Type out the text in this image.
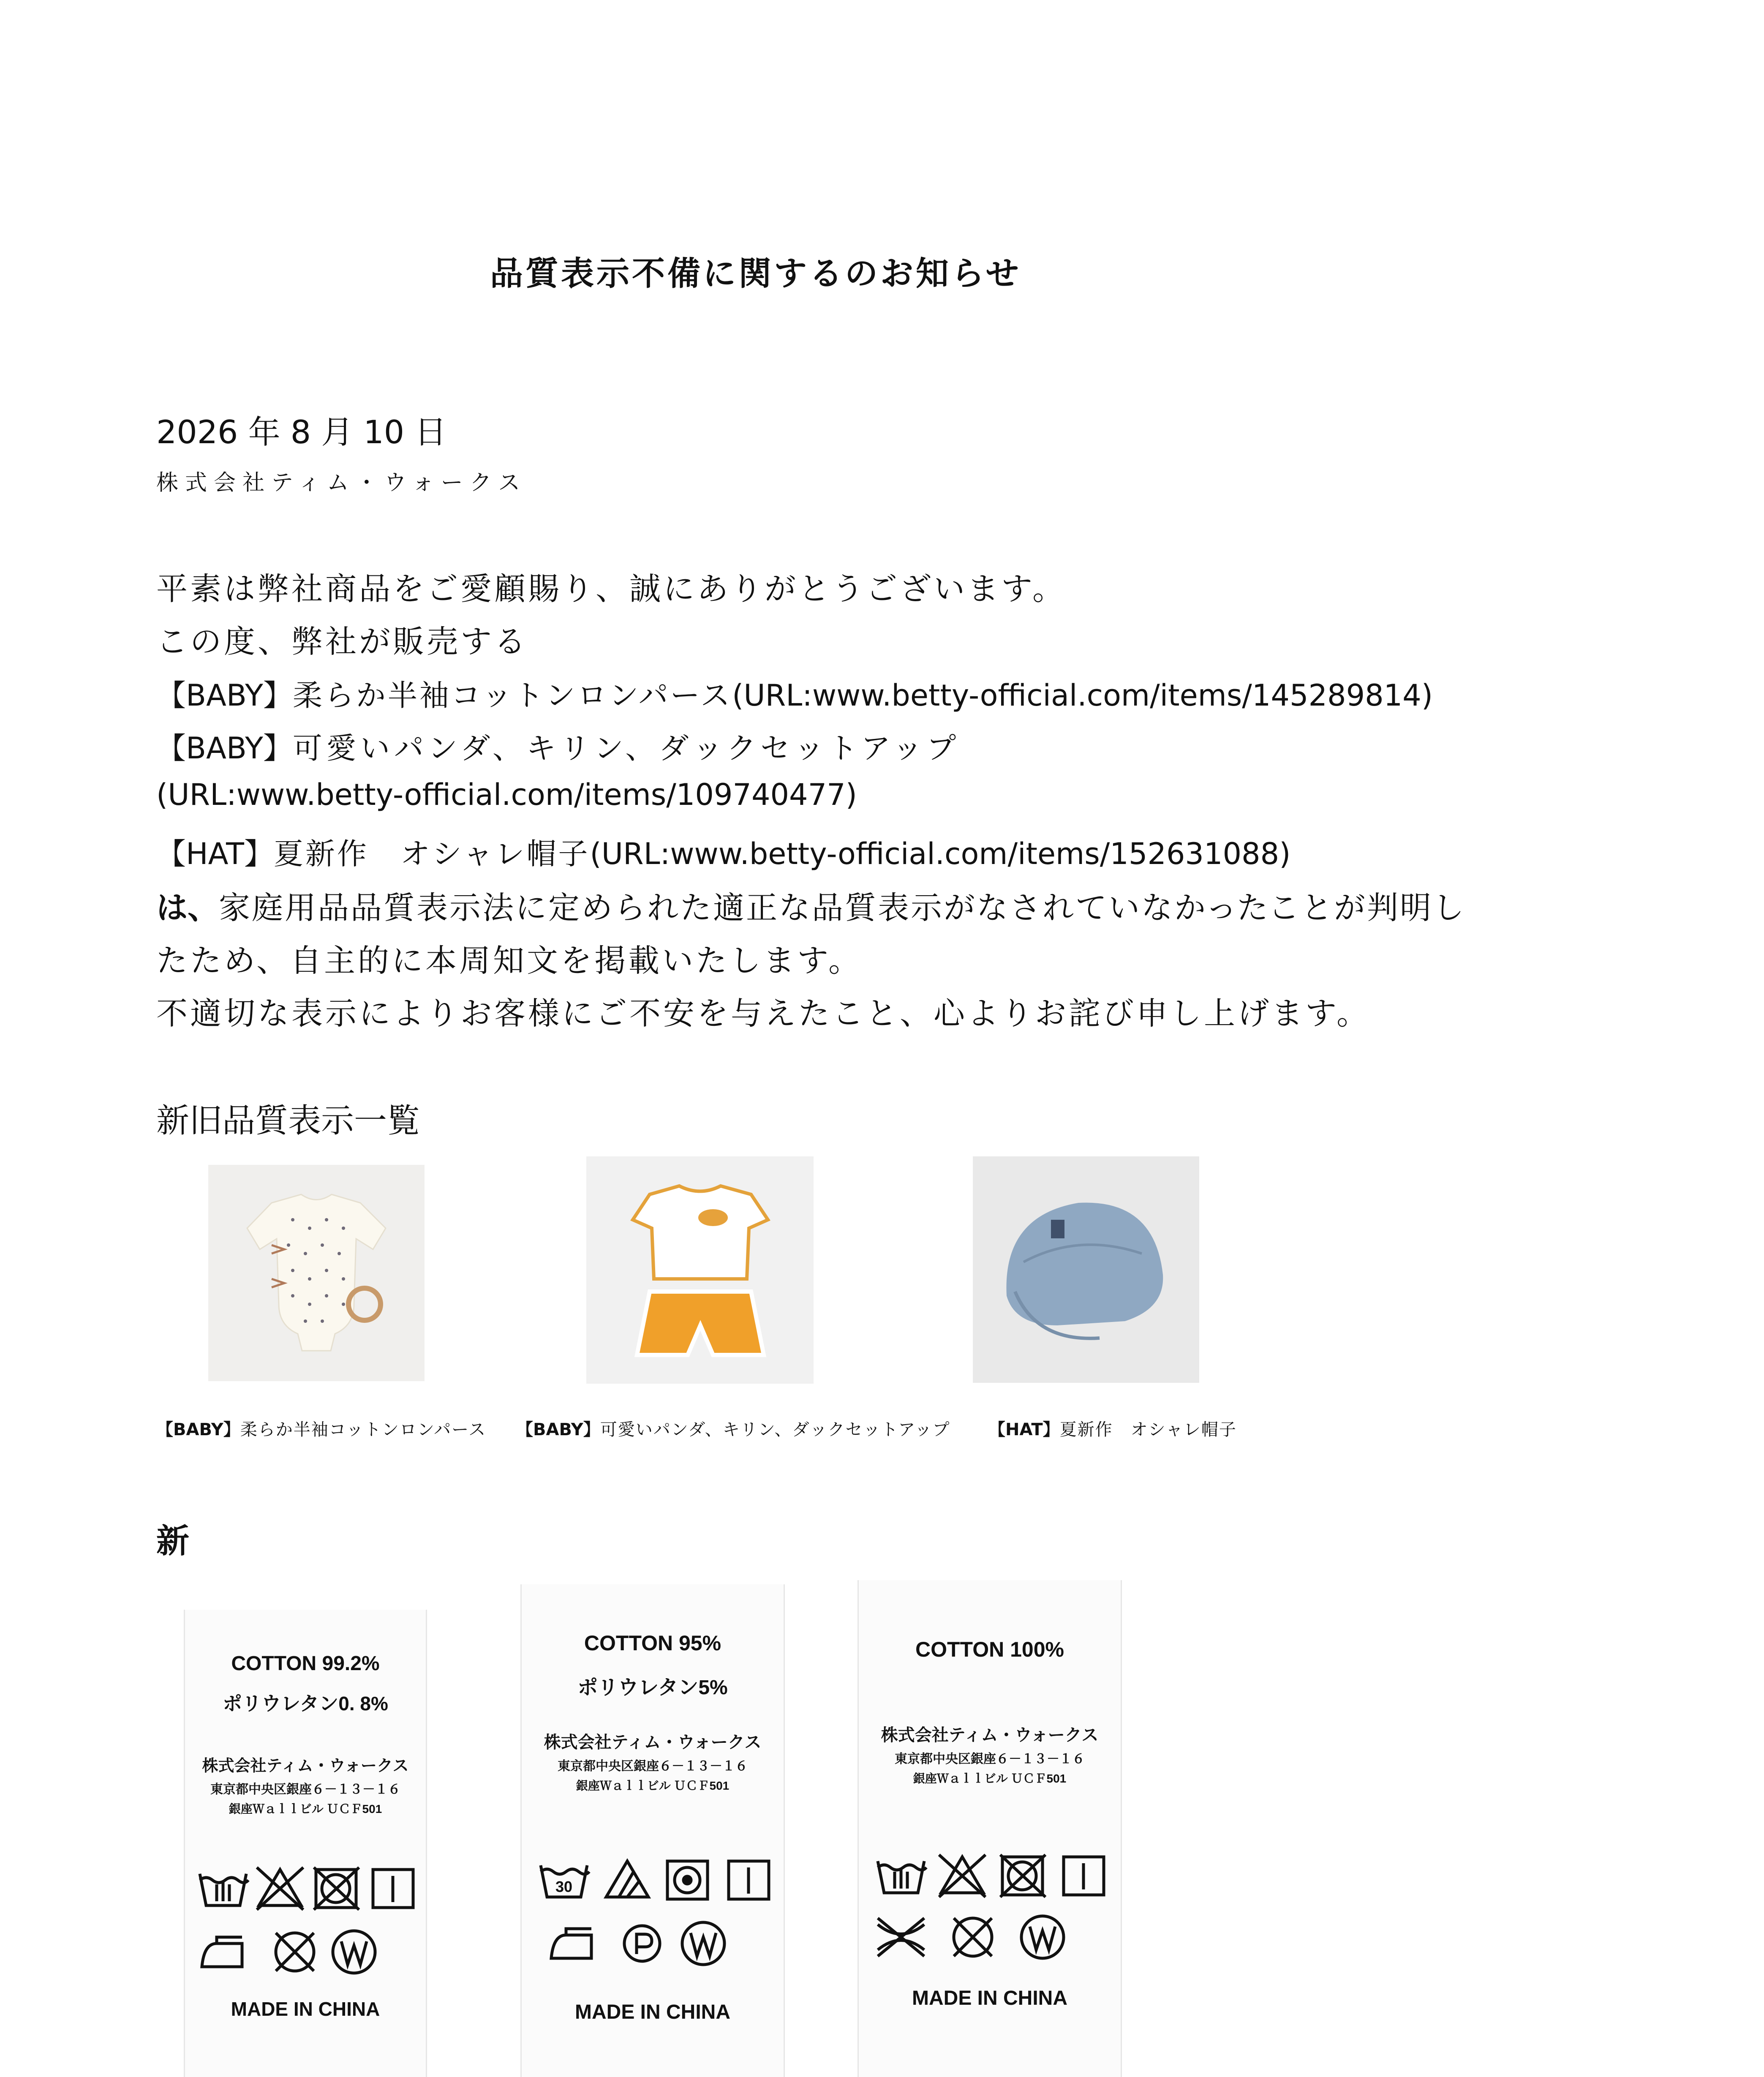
品質表示不備に関するのお知らせ
2026 年 8 月 10 日
株式会社ティム・ウォークス
平素は弊社商品をご愛顧賜り、誠にありがとうございます。
この度、弊社が販売する
【BABY】柔らか半袖コットンロンパース(URL:www.betty-official.com/items/145289814)
【BABY】可愛いパンダ、キリン、ダックセットアップ
(URL:www.betty-official.com/items/109740477)
【HAT】夏新作　オシャレ帽子(URL:www.betty-official.com/items/152631088)
は、家庭用品品質表示法に定められた適正な品質表示がなされていなかったことが判明し
たため、自主的に本周知文を掲載いたします。
不適切な表示によりお客様にご不安を与えたこと、心よりお詫び申し上げます。
新旧品質表示一覧
【BABY】柔らか半袖コットンロンパース 【BABY】可愛いパンダ、キリン、ダックセットアップ 【HAT】夏新作　オシャレ帽子
新
COTTON 99.2%
ポリウレタン0. 8%
株式会社ティム・ウォークス
東京都中央区銀座６－１３－１６
銀座Ｗａｌｌビル ＵＣＦ501
MADE IN CHINA
COTTON 95%
ポリウレタン5%
株式会社ティム・ウォークス
東京都中央区銀座６－１３－１６
銀座Ｗａｌｌビル ＵＣＦ501
30
MADE IN CHINA
COTTON 100%
株式会社ティム・ウォークス
東京都中央区銀座６－１３－１６
銀座Ｗａｌｌビル ＵＣＦ501
MADE IN CHINA
